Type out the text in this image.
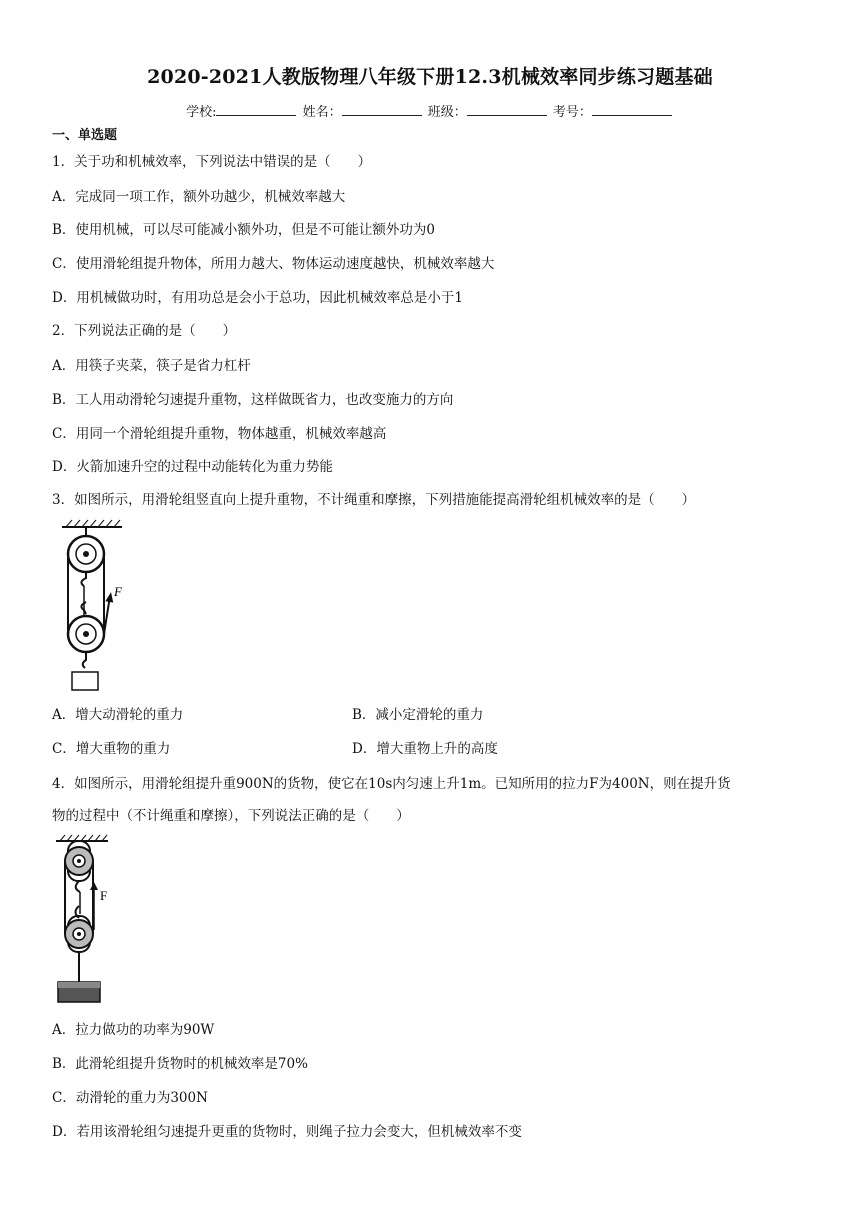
2020-2021人教版物理八年级下册12.3机械效率同步练习题基础
学校:	姓名：	班级：	考号：
一、单选题
1．关于功和机械效率，下列说法中错误的是（　　）
A．完成同一项工作，额外功越少，机械效率越大
B．使用机械，可以尽可能减小额外功，但是不可能让额外功为0
C．使用滑轮组提升物体，所用力越大、物体运动速度越快，机械效率越大
D．用机械做功时，有用功总是会小于总功，因此机械效率总是小于1
2．下列说法正确的是（　　）
A．用筷子夹菜，筷子是省力杠杆
B．工人用动滑轮匀速提升重物，这样做既省力，也改变施力的方向
C．用同一个滑轮组提升重物，物体越重，机械效率越高
D．火箭加速升空的过程中动能转化为重力势能
3．如图所示，用滑轮组竖直向上提升重物，不计绳重和摩擦，下列措施能提高滑轮组机械效率的是（　　）
F
A．增大动滑轮的重力	B．减小定滑轮的重力
C．增大重物的重力	D．增大重物上升的高度
4．如图所示，用滑轮组提升重900N的货物，使它在10s内匀速上升1m。已知所用的拉力F为400N，则在提升货
物的过程中（不计绳重和摩擦），下列说法正确的是（　　）
F
A．拉力做功的功率为90W
B．此滑轮组提升货物时的机械效率是70%
C．动滑轮的重力为300N
D．若用该滑轮组匀速提升更重的货物时，则绳子拉力会变大，但机械效率不变
